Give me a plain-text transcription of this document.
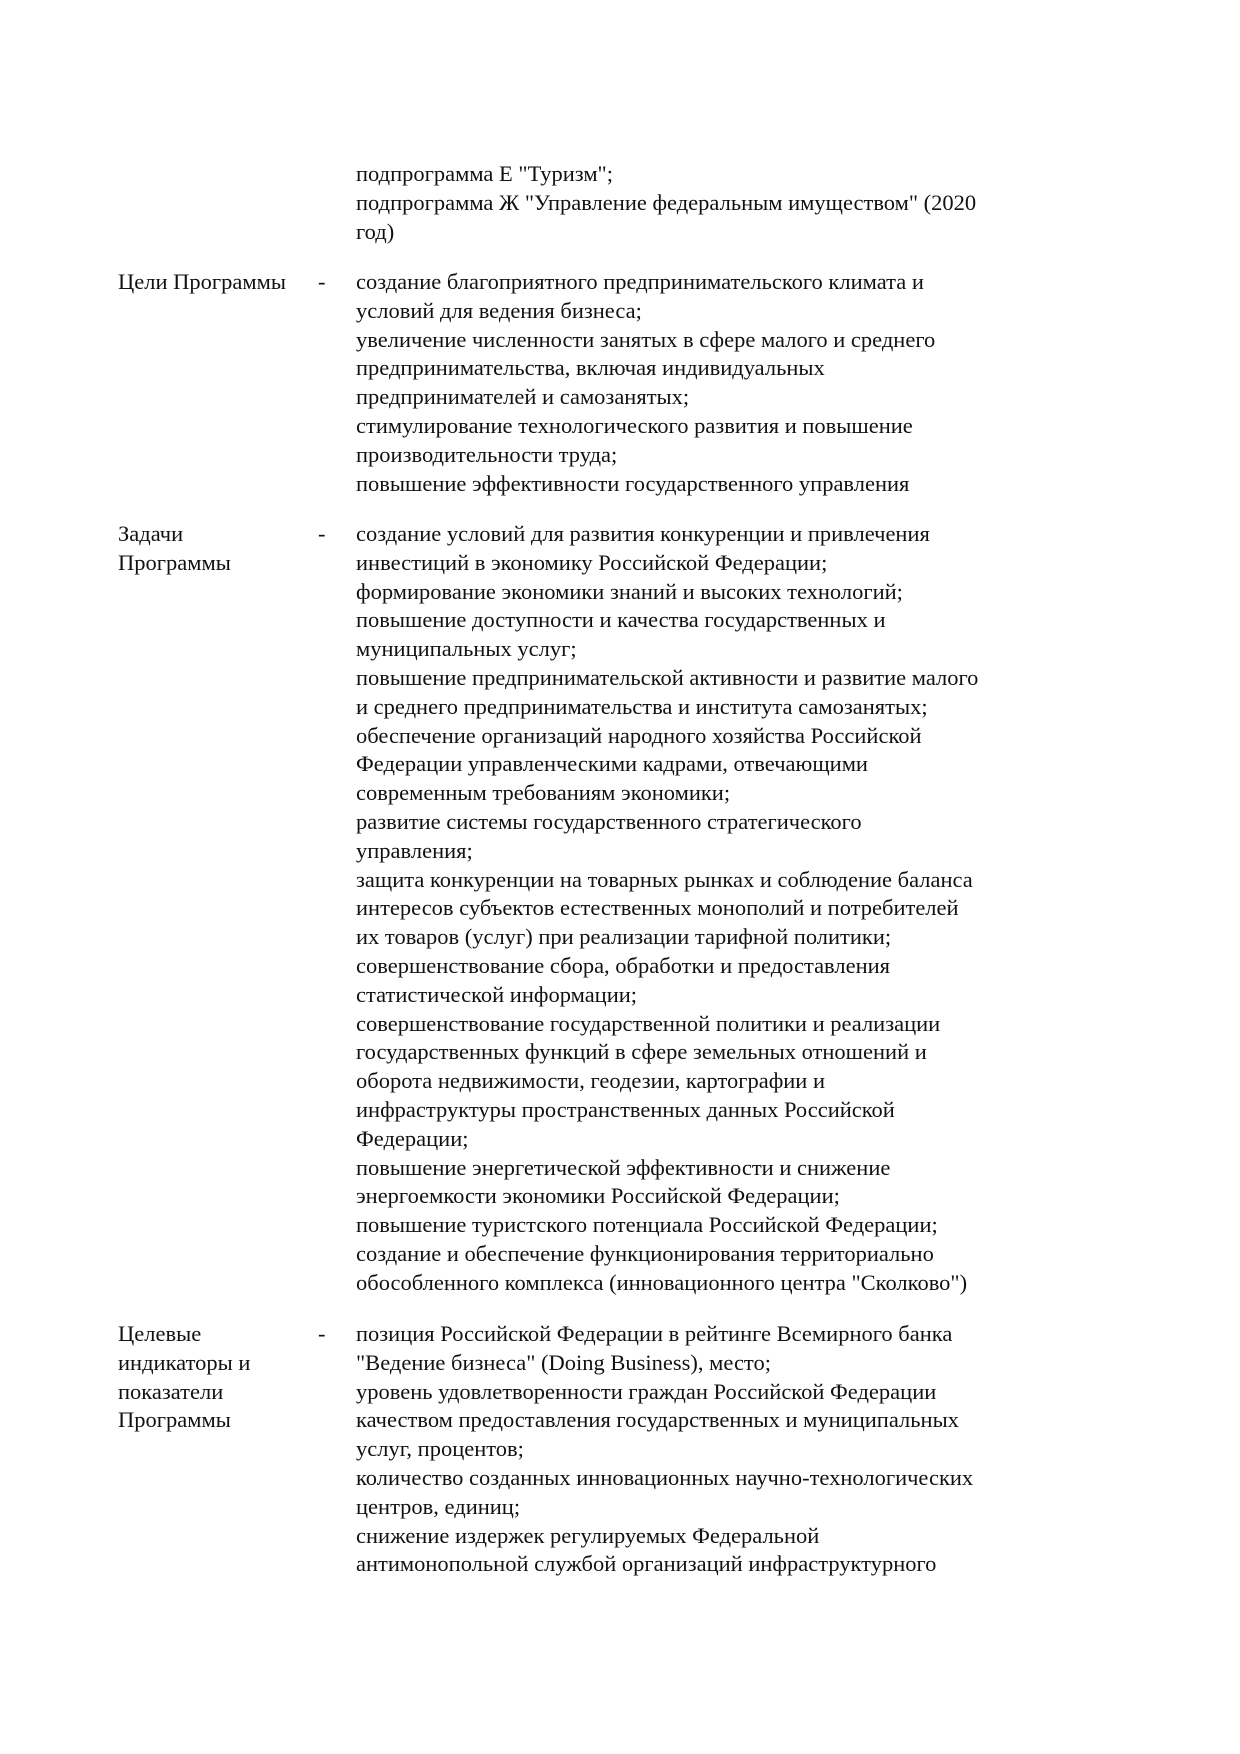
подпрограмма Е "Туризм";
подпрограмма Ж "Управление федеральным имуществом" (2020
год)
Цели Программы	-	создание благоприятного предпринимательского климата и
условий для ведения бизнеса;
увеличение численности занятых в сфере малого и среднего
предпринимательства, включая индивидуальных
предпринимателей и самозанятых;
стимулирование технологического развития и повышение
производительности труда;
повышение эффективности государственного управления
Задачи
Программы
-	создание условий для развития конкуренции и привлечения
инвестиций в экономику Российской Федерации;
формирование экономики знаний и высоких технологий;
повышение доступности и качества государственных и
муниципальных услуг;
повышение предпринимательской активности и развитие малого
и среднего предпринимательства и института самозанятых;
обеспечение организаций народного хозяйства Российской
Федерации управленческими кадрами, отвечающими
современным требованиям экономики;
развитие системы государственного стратегического
управления;
защита конкуренции на товарных рынках и соблюдение баланса
интересов субъектов естественных монополий и потребителей
их товаров (услуг) при реализации тарифной политики;
совершенствование сбора, обработки и предоставления
статистической информации;
совершенствование государственной политики и реализации
государственных функций в сфере земельных отношений и
оборота недвижимости, геодезии, картографии и
инфраструктуры пространственных данных Российской
Федерации;
повышение энергетической эффективности и снижение
энергоемкости экономики Российской Федерации;
повышение туристского потенциала Российской Федерации;
создание и обеспечение функционирования территориально
обособленного комплекса (инновационного центра "Сколково")
Целевые
индикаторы и
показатели
Программы
-	позиция Российской Федерации в рейтинге Всемирного банка
"Ведение бизнеса" (Doing Business), место;
уровень удовлетворенности граждан Российской Федерации
качеством предоставления государственных и муниципальных
услуг, процентов;
количество созданных инновационных научно-технологических
центров, единиц;
снижение издержек регулируемых Федеральной
антимонопольной службой организаций инфраструктурного
